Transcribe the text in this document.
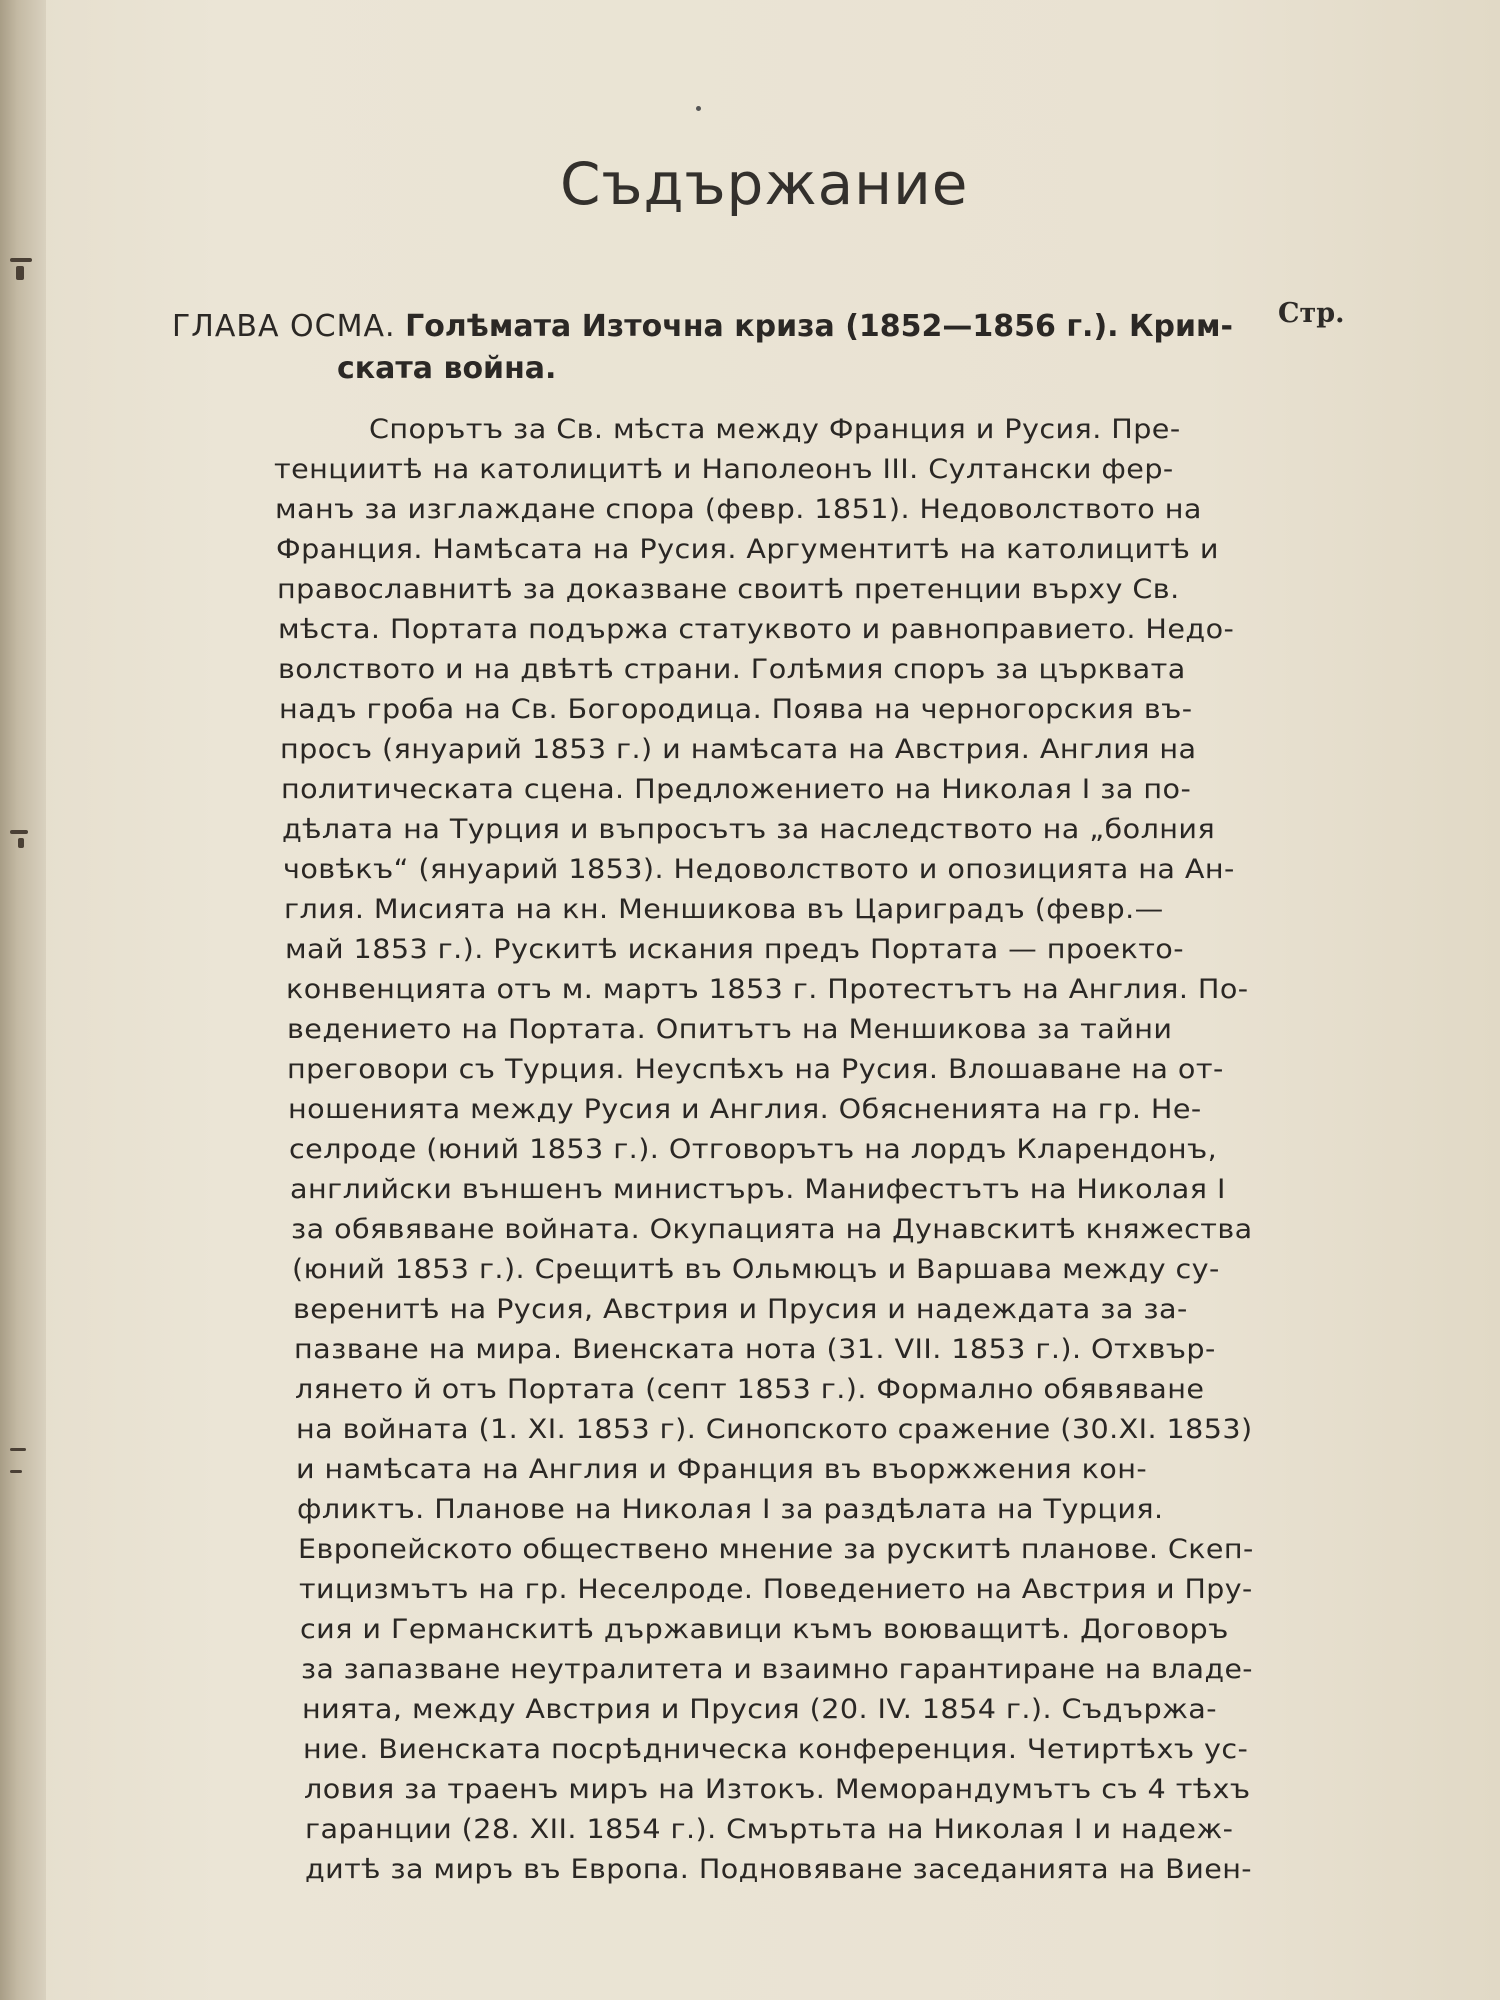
Съдържание
Стр.
ГЛАВА ОСМА. Голѣмата Източна криза (1852—1856 г.). Крим-
ската война.
Спорътъ за Св. мѣста между Франция и Русия. Пре-
тенциитѣ на католицитѣ и Наполеонъ III. Султански фер-
манъ за изглаждане спора (февр. 1851). Недоволството на
Франция. Намѣсата на Русия. Аргументитѣ на католицитѣ и
православнитѣ за доказване своитѣ претенции върху Св.
мѣста. Портата подържа статуквото и равноправието. Недо-
волството и на двѣтѣ страни. Голѣмия споръ за църквата
надъ гроба на Св. Богородица. Поява на черногорския въ-
просъ (януарий 1853 г.) и намѣсата на Австрия. Англия на
политическата сцена. Предложението на Николая I за по-
дѣлата на Турция и въпросътъ за наследството на „болния
човѣкъ“ (януарий 1853). Недоволството и опозицията на Ан-
глия. Мисията на кн. Меншикова въ Цариградъ (февр.—
май 1853 г.). Рускитѣ искания предъ Портата — проекто-
конвенцията отъ м. мартъ 1853 г. Протестътъ на Англия. По-
ведението на Портата. Опитътъ на Меншикова за тайни
преговори съ Турция. Неуспѣхъ на Русия. Влошаване на от-
ношенията между Русия и Англия. Обясненията на гр. Не-
селроде (юний 1853 г.). Отговорътъ на лордъ Кларендонъ,
английски външенъ министъръ. Манифестътъ на Николая I
за обявяване войната. Окупацията на Дунавскитѣ княжества
(юний 1853 г.). Срещитѣ въ Ольмюцъ и Варшава между су-
веренитѣ на Русия, Австрия и Прусия и надеждата за за-
пазване на мира. Виенската нота (31. VII. 1853 г.). Отхвър-
лянето й отъ Портата (септ 1853 г.). Формално обявяване
на войната (1. XI. 1853 г). Синопското сражение (30.XI. 1853)
и намѣсата на Англия и Франция въ въоржжения кон-
фликтъ. Планове на Николая I за раздѣлата на Турция.
Европейското обществено мнение за рускитѣ планове. Скеп-
тицизмътъ на гр. Неселроде. Поведението на Австрия и Пру-
сия и Германскитѣ държавици къмъ воюващитѣ. Договоръ
за запазване неутралитета и взаимно гарантиране на владе-
нията, между Австрия и Прусия (20. IV. 1854 г.). Съдържа-
ние. Виенската посрѣдническа конференция. Четиртѣхъ ус-
ловия за траенъ миръ на Изтокъ. Меморандумътъ съ 4 тѣхъ
гаранции (28. XII. 1854 г.). Смъртьта на Николая I и надеж-
дитѣ за миръ въ Европа. Подновяване заседанията на Виен-
